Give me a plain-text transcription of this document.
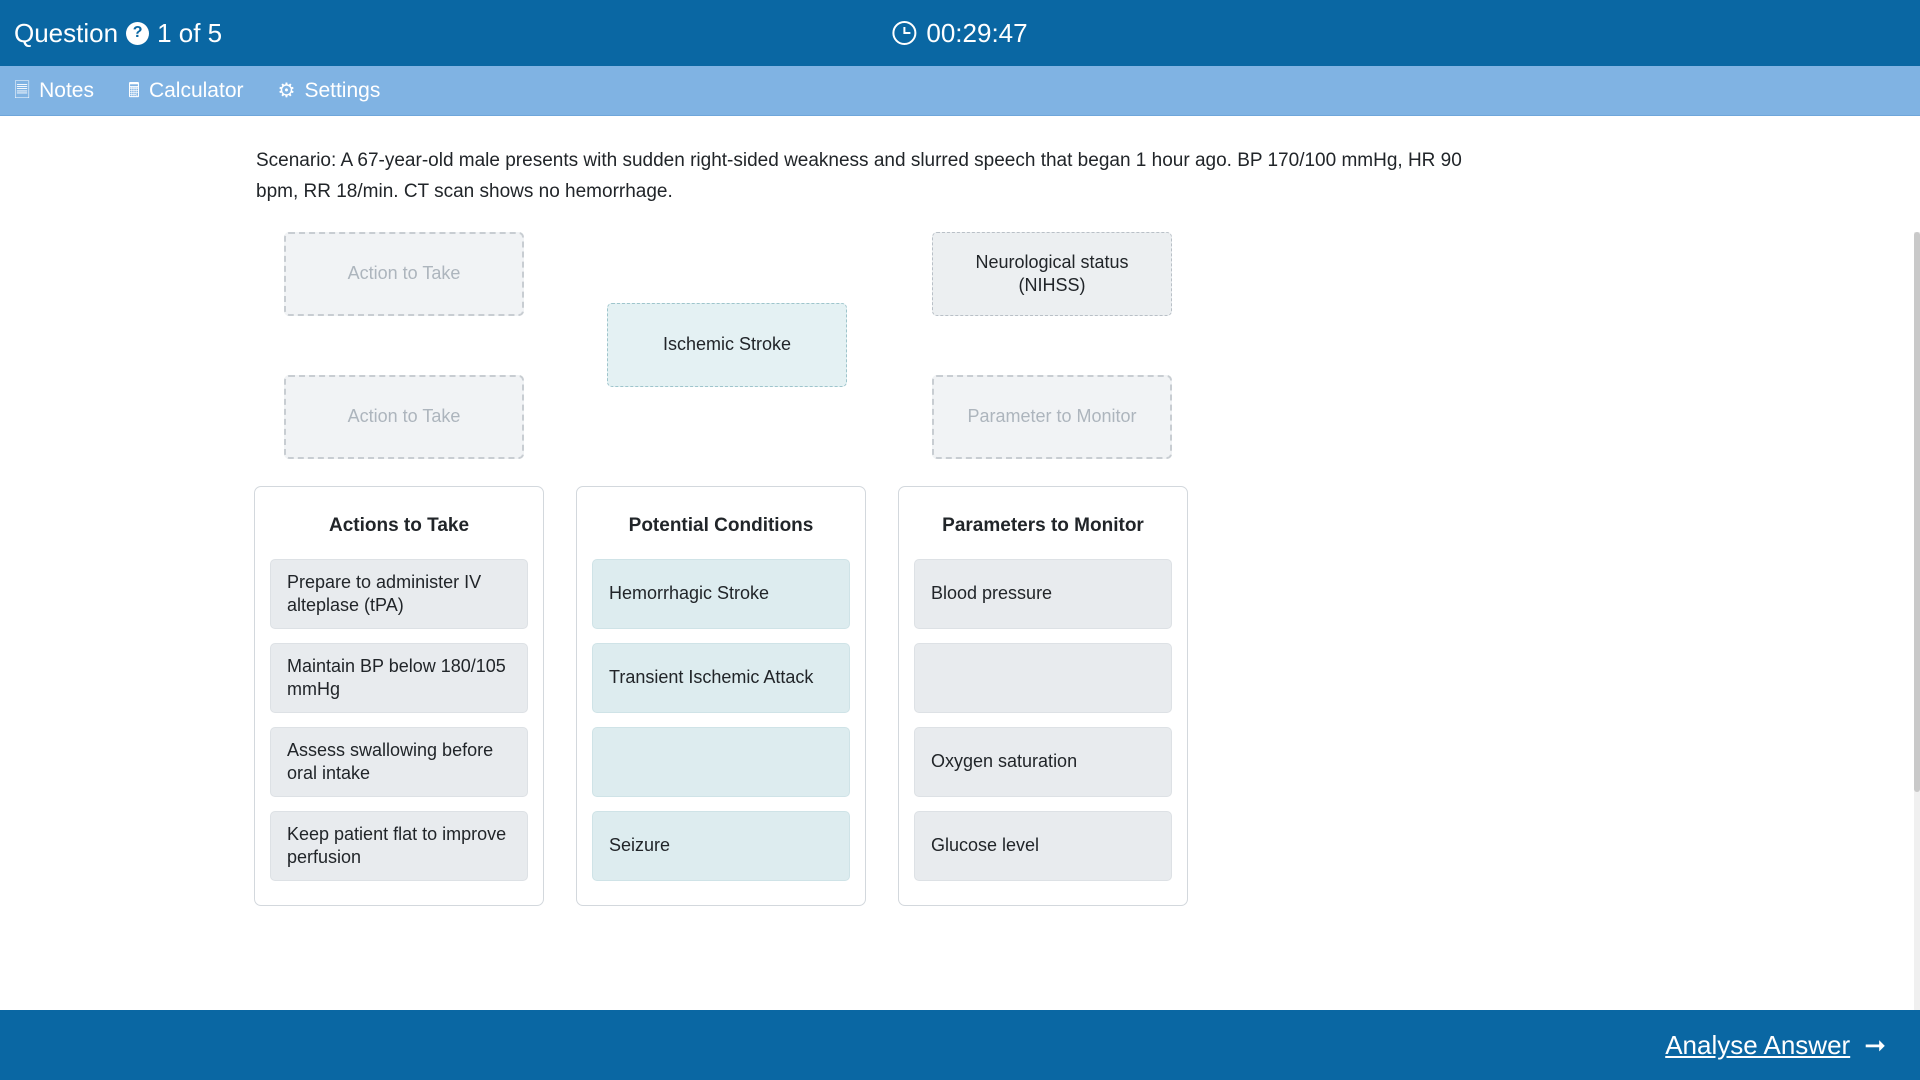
Question ? 1 of 5	00:29:47
🗏 Notes 🖩 Calculator ⚙ Settings

Scenario: A 67-year-old male presents with sudden right-sided weakness and slurred speech that began 1 hour ago. BP 170/100 mmHg, HR 90 bpm, RR 18/min. CT scan shows no hemorrhage.

Action to Take
Action to Take
Ischemic Stroke
Neurological status (NIHSS)
Parameter to Monitor
Actions to Take
Prepare to administer IV alteplase (tPA)
Maintain BP below 180/105 mmHg
Assess swallowing before oral intake
Keep patient flat to improve perfusion
Potential Conditions
Hemorrhagic Stroke
Transient Ischemic Attack
Seizure
Parameters to Monitor
Blood pressure
Oxygen saturation
Glucose level
Analyse Answer ➞
